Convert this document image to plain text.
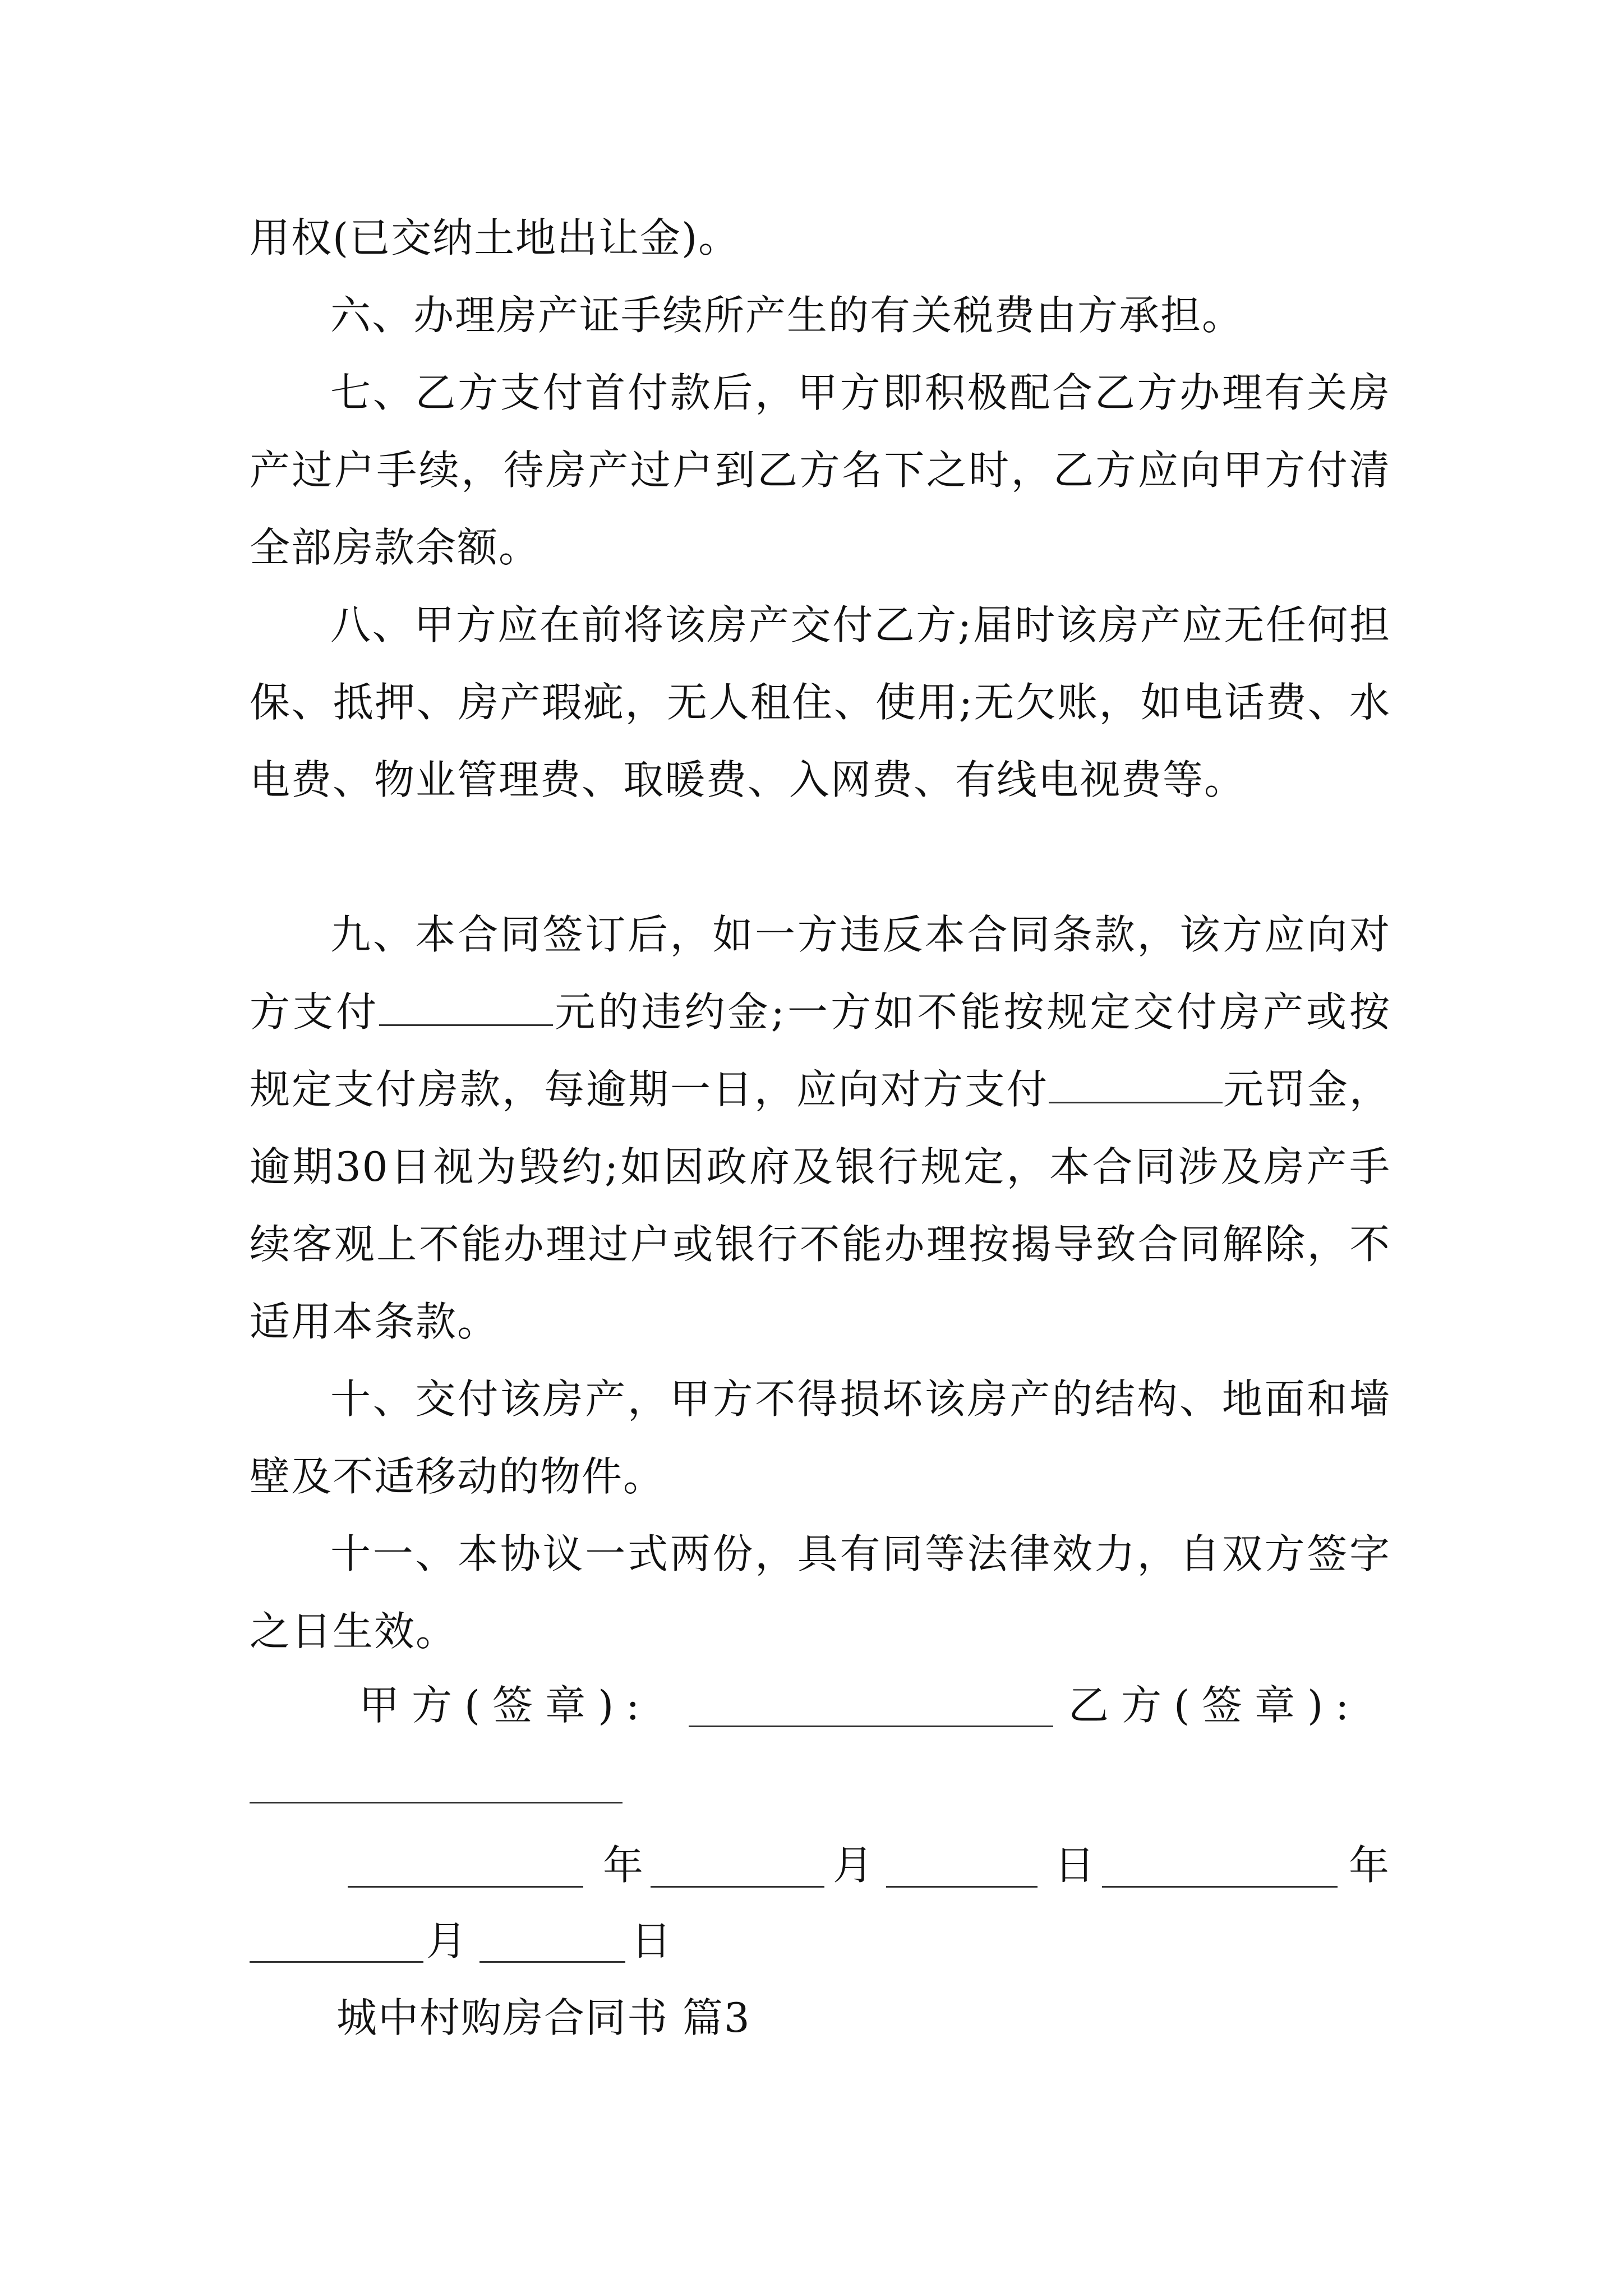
用权(已交纳土地出让金)。

六、办理房产证手续所产生的有关税费由方承担。

七、乙方支付首付款后，甲方即积极配合乙方办理有关房产过户手续，待房产过户到乙方名下之时，乙方应向甲方付清全部房款余额。

八、甲方应在前将该房产交付乙方;届时该房产应无任何担保、抵押、房产瑕疵，无人租住、使用;无欠账，如电话费、水电费、物业管理费、取暖费、入网费、有线电视费等。

九、本合同签订后，如一方违反本合同条款，该方应向对方支付	元的违约金;一方如不能按规定交付房产或按规定支付房款，每逾期一日，应向对方支付	元罚金，逾期30日视为毁约;如因政府及银行规定，本合同涉及房产手续客观上不能办理过户或银行不能办理按揭导致合同解除，不适用本条款。

十、交付该房产，甲方不得损坏该房产的结构、地面和墙壁及不适移动的物件。

十一、本协议一式两份，具有同等法律效力，自双方签字之日生效。

甲方(签章):	乙方(签章):
年	月	日	年
月	日
城中村购房合同书 篇3
